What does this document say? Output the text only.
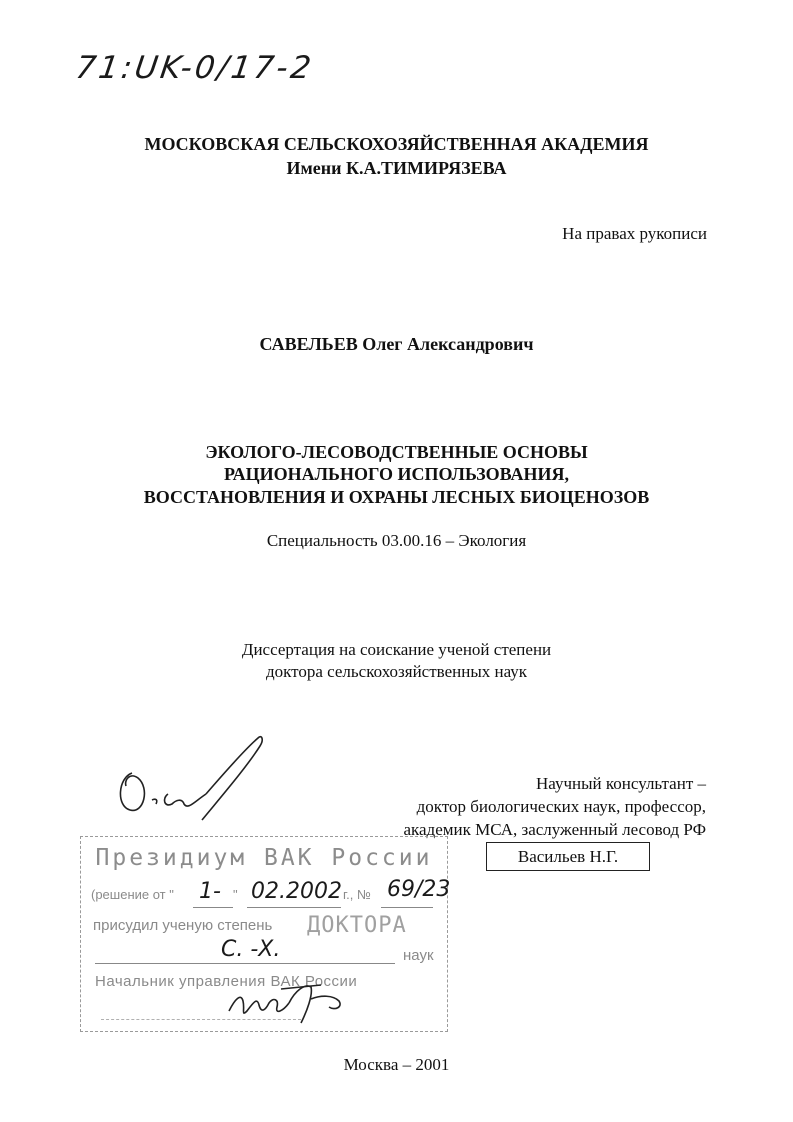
71:UK-0/17-2
МОСКОВСКАЯ СЕЛЬСКОХОЗЯЙСТВЕННАЯ АКАДЕМИЯ
Имени К.А.ТИМИРЯЗЕВА
На правах рукописи
САВЕЛЬЕВ Олег Александрович
ЭКОЛОГО-ЛЕСОВОДСТВЕННЫЕ ОСНОВЫ
РАЦИОНАЛЬНОГО ИСПОЛЬЗОВАНИЯ,
ВОССТАНОВЛЕНИЯ И ОХРАНЫ ЛЕСНЫХ БИОЦЕНОЗОВ
Специальность 03.00.16 – Экология
Диссертация на соискание ученой степени
доктора сельскохозяйственных наук
Научный консультант –
доктор биологических наук, профессор,
академик МСА, заслуженный лесовод РФ
Васильев Н.Г.
Президиум ВАК России
(решение от " 1- " 02.2002 г., № 69/23
присудил ученую степень ДОКТОРА
С. -Х.	наук
Начальник управления ВАК России
Москва – 2001
